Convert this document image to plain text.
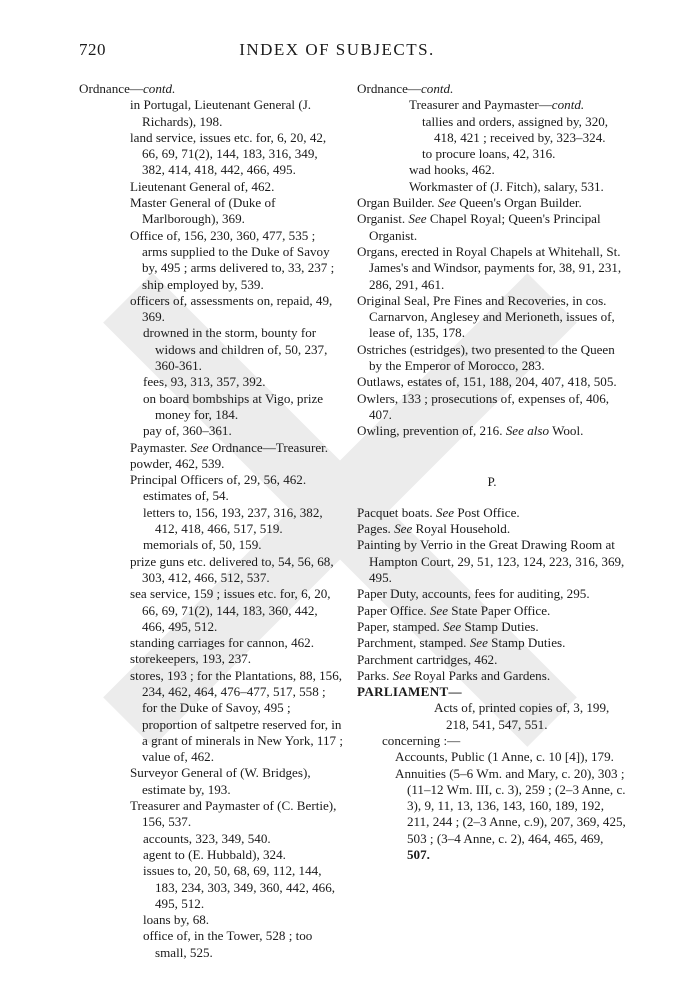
720	INDEX OF SUBJECTS.
Ordnance—contd.
in Portugal, Lieutenant General (J. Richards), 198.
land service, issues etc. for, 6, 20, 42, 66, 69, 71(2), 144, 183, 316, 349, 382, 414, 418, 442, 466, 495.
Lieutenant General of, 462.
Master General of (Duke of Marlborough), 369.
Office of, 156, 230, 360, 477, 535 ; arms supplied to the Duke of Savoy by, 495 ; arms delivered to, 33, 237 ; ship employed by, 539.
officers of, assessments on, repaid, 49, 369.
drowned in the storm, bounty for widows and children of, 50, 237, 360-361.
fees, 93, 313, 357, 392.
on board bombships at Vigo, prize money for, 184.
pay of, 360–361.
Paymaster. See Ordnance—Treasurer.
powder, 462, 539.
Principal Officers of, 29, 56, 462.
estimates of, 54.
letters to, 156, 193, 237, 316, 382, 412, 418, 466, 517, 519.
memorials of, 50, 159.
prize guns etc. delivered to, 54, 56, 68, 303, 412, 466, 512, 537.
sea service, 159 ; issues etc. for, 6, 20, 66, 69, 71(2), 144, 183, 360, 442, 466, 495, 512.
standing carriages for cannon, 462.
storekeepers, 193, 237.
stores, 193 ; for the Plantations, 88, 156, 234, 462, 464, 476–477, 517, 558 ; for the Duke of Savoy, 495 ; proportion of saltpetre reserved for, in a grant of minerals in New York, 117 ; value of, 462.
Surveyor General of (W. Bridges), estimate by, 193.
Treasurer and Paymaster of (C. Bertie), 156, 537.
accounts, 323, 349, 540.
agent to (E. Hubbald), 324.
issues to, 20, 50, 68, 69, 112, 144, 183, 234, 303, 349, 360, 442, 466, 495, 512.
loans by, 68.
office of, in the Tower, 528 ; too small, 525.
Ordnance—contd.
Treasurer and Paymaster—contd.
tallies and orders, assigned by, 320, 418, 421 ; received by, 323–324.
to procure loans, 42, 316.
wad hooks, 462.
Workmaster of (J. Fitch), salary, 531.
Organ Builder. See Queen's Organ Builder.
Organist. See Chapel Royal; Queen's Principal Organist.
Organs, erected in Royal Chapels at Whitehall, St. James's and Windsor, payments for, 38, 91, 231, 286, 291, 461.
Original Seal, Pre Fines and Recoveries, in cos. Carnarvon, Anglesey and Merioneth, issues of, lease of, 135, 178.
Ostriches (estridges), two presented to the Queen by the Emperor of Morocco, 283.
Outlaws, estates of, 151, 188, 204, 407, 418, 505.
Owlers, 133 ; prosecutions of, expenses of, 406, 407.
Owling, prevention of, 216. See also Wool.
P.
Pacquet boats. See Post Office.
Pages. See Royal Household.
Painting by Verrio in the Great Drawing Room at Hampton Court, 29, 51, 123, 124, 223, 316, 369, 495.
Paper Duty, accounts, fees for auditing, 295.
Paper Office. See State Paper Office.
Paper, stamped. See Stamp Duties.
Parchment, stamped. See Stamp Duties.
Parchment cartridges, 462.
Parks. See Royal Parks and Gardens.
PARLIAMENT—
Acts of, printed copies of, 3, 199, 218, 541, 547, 551.
concerning :—
Accounts, Public (1 Anne, c. 10 [4]), 179.
Annuities (5–6 Wm. and Mary, c. 20), 303 ; (11–12 Wm. III, c. 3), 259 ; (2–3 Anne, c. 3), 9, 11, 13, 136, 143, 160, 189, 192, 211, 244 ; (2–3 Anne, c.9), 207, 369, 425, 503 ; (3–4 Anne, c. 2), 464, 465, 469, 507.
